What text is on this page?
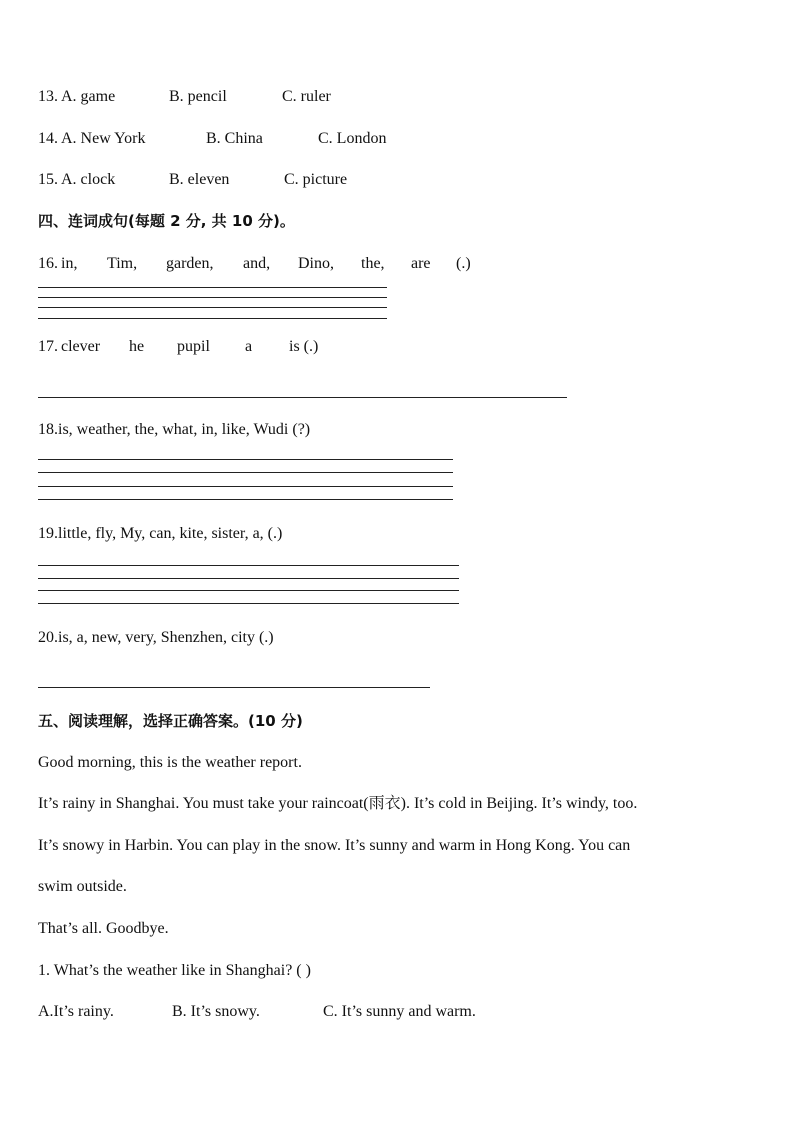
13. A. game	B. pencil	C. ruler
14. A. New York	B. China	C. London
15. A. clock	B. eleven	C. picture
四、连词成句(每题 2 分, 共 10 分)。
16. in, Tim, garden, and, Dino, the, are (.)
17. clever he pupil a is (.)
18.is, weather, the, what, in, like, Wudi (?)
19.little, fly, My, can, kite, sister, a, (.)
20.is, a, new, very, Shenzhen, city (.)
五、阅读理解，选择正确答案。(10 分)
Good morning, this is the weather report.
It’s rainy in Shanghai. You must take your raincoat(雨衣). It’s cold in Beijing. It’s windy, too.
It’s snowy in Harbin. You can play in the snow. It’s sunny and warm in Hong Kong. You can
swim outside.
That’s all. Goodbye.
1. What’s the weather like in Shanghai? ( )
A.It’s rainy.	B. It’s snowy.	C. It’s sunny and warm.
